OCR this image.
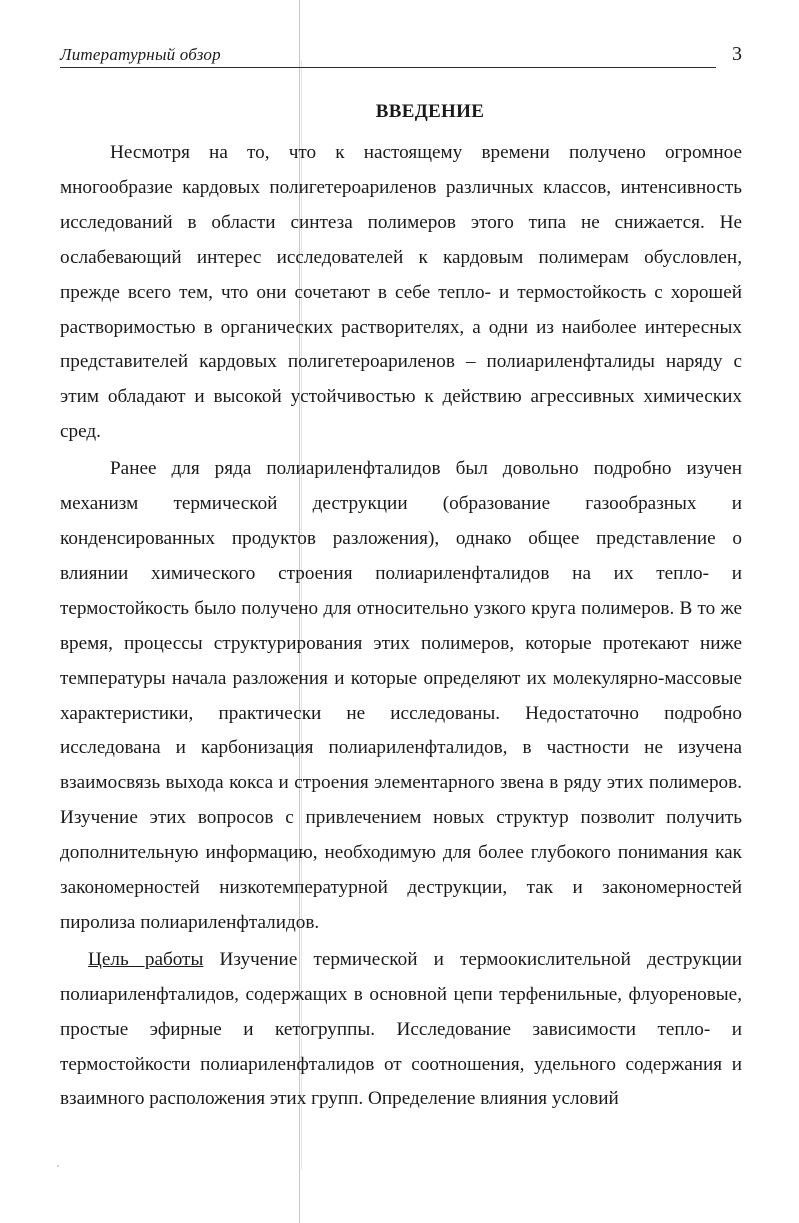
Литературный обзор	3
ВВЕДЕНИЕ

Несмотря на то, что к настоящему времени получено огромное многообразие кардовых полигетероариленов различных классов, интенсивность исследований в области синтеза полимеров этого типа не снижается. Не ослабевающий интерес исследователей к кардовым полимерам обусловлен, прежде всего тем, что они сочетают в себе тепло- и термостойкость с хорошей растворимостью в органических растворителях, а одни из наиболее интересных представителей кардовых полигетероариленов – полиариленфталиды наряду с этим обладают и высокой устойчивостью к действию агрессивных химических сред.

Ранее для ряда полиариленфталидов был довольно подробно изучен механизм термической деструкции (образование газообразных и конденсированных продуктов разложения), однако общее представление о влиянии химического строения полиариленфталидов на их тепло- и термостойкость было получено для относительно узкого круга полимеров. В то же время, процессы структурирования этих полимеров, которые протекают ниже температуры начала разложения и которые определяют их молекулярно-массовые характеристики, практически не исследованы. Недостаточно подробно исследована и карбонизация полиариленфталидов, в частности не изучена взаимосвязь выхода кокса и строения элементарного звена в ряду этих полимеров. Изучение этих вопросов с привлечением новых структур позволит получить дополнительную информацию, необходимую для более глубокого понимания как закономерностей низкотемпературной деструкции, так и закономерностей пиролиза полиариленфталидов.

Цель работы Изучение термической и термоокислительной деструкции полиариленфталидов, содержащих в основной цепи терфенильные, флуореновые, простые эфирные и кетогруппы. Исследование зависимости тепло- и термостойкости полиариленфталидов от соотношения, удельного содержания и взаимного расположения этих групп. Определение влияния условий
